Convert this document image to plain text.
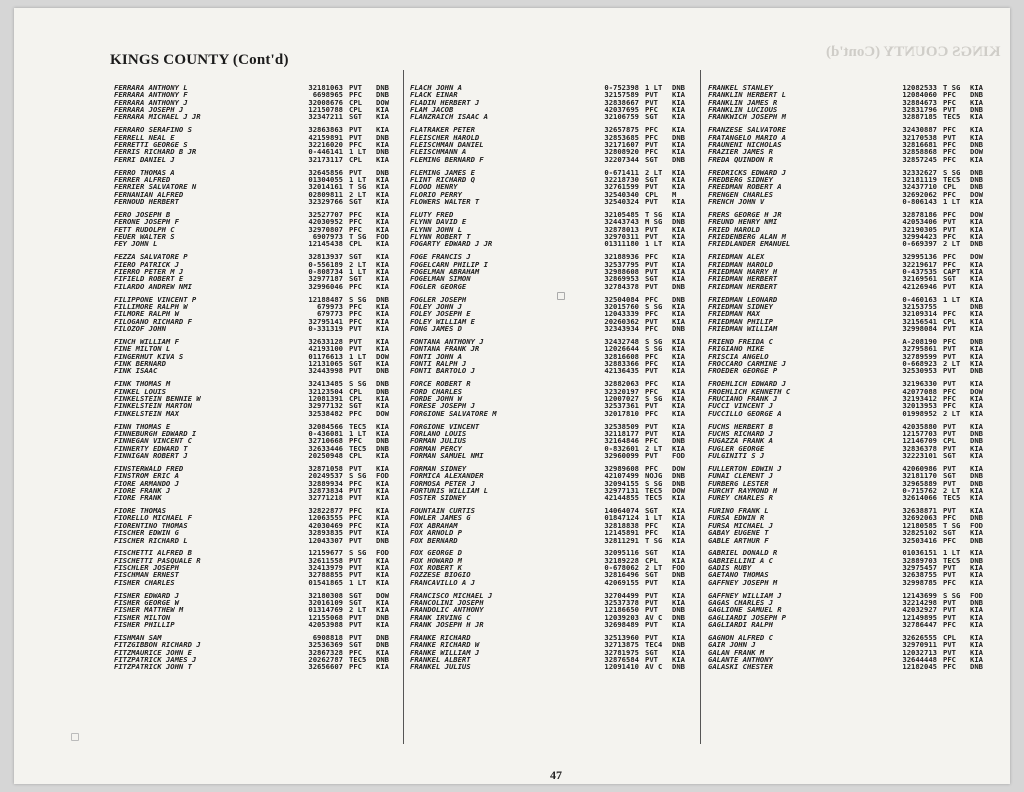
KINGS COUNTY (Cont'd)
KINGS COUNTY (Cont'd)
FERRARA ANTHONY L	32181063 PVT	DNB
FERRARA ANTHONY F	6698965 PFC	DNB
FERRARA ANTHONY J	32008676 CPL	DOW
FERRARA JOSEPH J	12150788 CPL	KIA
FERRARA MICHAEL J JR	32347211 SGT	KIA
FERRARO SERAFINO S	32863863 PVT	KIA
FERRELL NEAL E	42159891 PVT	DNB
FERRETTI GEORGE S	32216020 PFC	KIA
FERRIS RICHARD B JR	0-446141 1 LT	DNB
FERRI DANIEL J	32173117 CPL	KIA
FERRO THOMAS A	32645856 PVT	DNB
FERRER ALFRED	01304055 1 LT	KIA
FERRIER SALVATORE N	32014161 T SG	KIA
FERNANIAN ALFRED	02809811 2 LT	KIA
FERNOUD HERBERT	32329766 SGT	KIA
FERO JOSEPH B	32527707 PFC	KIA
FERONE JOSEPH F	42030952 PFC	KIA
FETT RUDOLPH C	32970807 PFC	KIA
FEUER WALTER S	6907973 T SG	FOD
FEY JOHN L	12145438 CPL	KIA
FEZZA SALVATORE P	32813937 SGT	KIA
FIERO PATRICK J	0-556189 2 LT	KIA
FIERRO PETER M J	0-808734 1 LT	KIA
FIFIELD ROBERT E	32977187 SGT	KIA
FILARDO ANDREW NMI	32996046 PFC	KIA
FILIPPONE VINCENT P	12188487 S SG	DNB
FILLIMORE RALPH W	679973 PFC	KIA
FILMORE RALPH W	679773 PFC	KIA
FILOGANO RICHARD F	32795141 PFC	KIA
FILOZOF JOHN	0-331319 PVT	KIA
FINCH WILLIAM F	32633128 PVT	KIA
FINE MILTON L	42193100 PVT	KIA
FINGERHUT KIVA S	01176613 1 LT	DOW
FINK BERNARD	12131065 SGT	KIA
FINK ISAAC	32443998 PVT	DNB
FINK THOMAS M	32413485 S SG	DNB
FINKEL LOUIS	32123504 CPL	DNB
FINKELSTEIN BENNIE W	12081391 CPL	KIA
FINKELSTEIN MARTON	32977132 SGT	KIA
FINKELSTEIN MAX	32538482 PFC	DOW
FINN THOMAS E	32084566 TEC5	KIA
FINNEBURGH EDWARD I	0-436081 1 LT	KIA
FINNEGAN VINCENT C	32710668 PFC	DNB
FINNERTY EDWARD T	32633446 TEC5	DNB
FINNIGAN ROBERT J	20250948 CPL	KIA
FINSTERWALD FRED	32871058 PVT	KIA
FINSTROM ERIC A	20249537 S SG	FOD
FIORE ARMANDO J	32889934 PFC	KIA
FIORE FRANK J	32873834 PVT	KIA
FIORE FRANK	32771218 PVT	KIA
FIORE THOMAS	32822877 PFC	KIA
FIORELLO MICHAEL F	12063555 PFC	KIA
FIORENTINO THOMAS	42030469 PFC	KIA
FISCHER EDWIN G	32893835 PVT	KIA
FISCHER RICHARD L	12043307 PVT	DNB
FISCHETTI ALFRED B	12159677 S SG	FOD
FISCHETTI PASQUALE R	32611558 PVT	KIA
FISCHLER JOSEPH	32413979 PVT	KIA
FISCHMAN ERNEST	32788855 PVT	KIA
FISHER CHARLES	01541865 1 LT	KIA
FISHER EDWARD J	32180308 SGT	DOW
FISHER GEORGE W	32016109 SGT	KIA
FISHER MATTHEW M	01314769 2 LT	KIA
FISHER MILTON	12155068 PVT	DNB
FISHER PHILLIP	42053988 PVT	KIA
FISHMAN SAM	6908818 PVT	DNB
FITZGIBBON RICHARD J	32536369 SGT	DNB
FITZMAURICE JOHN E	32867328 PFC	KIA
FITZPATRICK JAMES J	20262787 TEC5	DNB
FITZPATRICK JOHN T	32656607 PFC	KIA
FLACH JOHN A	0-752398 1 LT	DNB
FLACK EINAR	32157589 PVT	KIA
FLADIN HERBERT J	32838667 PVT	KIA
FLAM JACOB	42037695 PFC	KIA
FLANZRAICH ISAAC A	32106759 SGT	KIA
FLATRAKER PETER	32657875 PFC	KIA
FLEISCHER HAROLD	32853685 PFC	DNB
FLEISCHMAN DANIEL	32171607 PVT	KIA
FLEISCHMANN A	32808920 PFC	KIA
FLEMING BERNARD F	32207344 SGT	DNB
FLEMING JAMES E	0-671411 2 LT	KIA
FLINT RICHARD Q	32218730 SGT	KIA
FLOOD HENRY	32761599 PVT	KIA
FLORIO PERRY	32540340 CPL	M
FLOWERS WALTER T	32540324 PVT	KIA
FLUTY FRED	32105485 T SG	KIA
FLYNN DAVID E	32443743 M SG	DNB
FLYNN JOHN L	32878013 PVT	KIA
FLYNN ROBERT T	32970311 PVT	KIA
FOGARTY EDWARD J JR	01311180 1 LT	KIA
FOGE FRANCIS J	32188936 PFC	KIA
FOGELCARN PHILIP I	32537795 PVT	KIA
FOGELMAN ABRAHAM	32988608 PVT	KIA
FOGELMAN SIMON	32869953 SGT	KIA
FOGLER GEORGE	32784378 PVT	DNB
FOGLER JOSEPH	32504084 PFC	DNB
FOLEY JOHN J	32015760 S SG	KIA
FOLEY JOSEPH E	12043339 PFC	KIA
FOLEY WILLIAM E	20260362 PVT	KIA
FONG JAMES D	32343934 PFC	DNB
FONTANA ANTHONY J	32432748 S SG	KIA
FONTANA FRANK JR	12026644 S SG	KIA
FONTI JOHN A	32816608 PFC	KIA
FONTI RALPH J	32883366 PFC	KIA
FONTI BARTOLO J	42136435 PVT	KIA
FORCE ROBERT R	32882063 PFC	KIA
FORD CHARLES	32320197 PFC	KIA
FORDE JOHN W	12007027 S SG	KIA
FORESE JOSEPH J	32537361 PVT	KIA
FORGIONE SALVATORE M	32017810 PFC	KIA
FORGIONE VINCENT	32538509 PVT	KIA
FORLANO LOUIS	32118177 PVT	KIA
FORMAN JULIUS	32164846 PFC	DNB
FORMAN PERCY	0-832601 2 LT	KIA
FORMAN SAMUEL NMI	32960099 PVT	FOD
FORMAN SIDNEY	32989608 PFC	DOW
FORMICA ALEXANDER	42107499 NOJG	DNB
FORMOSA PETER J	32094155 S SG	DNB
FORTUNIS WILLIAM L	32977131 TEC5	DOW
FOSTER SIDNEY	42144855 TEC5	KIA
FOUNTAIN CURTIS	14064074 SGT	KIA
FOWLER JAMES G	01847124 1 LT	KIA
FOX ABRAHAM	32818838 PFC	KIA
FOX ARNOLD P	12145891 PFC	KIA
FOX BERNARD	32811291 T SG	KIA
FOX GEORGE D	32095116 SGT	KIA
FOX HOWARD M	32189228 CPL	KIA
FOX ROBERT K	0-678062 2 LT	FOD
FOZZESE BIOGIO	32816496 SGT	DNB
FRANCAVILLO A J	42069155 PVT	KIA
FRANCISCO MICHAEL J	32704499 PVT	KIA
FRANCOLINI JOSEPH	32537378 PVT	KIA
FRANDOLIC ANTHONY	12186650 PVT	DNB
FRANK IRVING C	12039203 AV C	DNB
FRANK JOSEPH H JR	32698489 PVT	KIA
FRANKE RICHARD	32513960 PVT	KIA
FRANKE RICHARD W	32713875 TEC4	DNB
FRANKE WILLIAM J	32781975 SGT	KIA
FRANKEL ALBERT	32876584 PVT	KIA
FRANKEL JULIUS	12091410 AV C	DNB
FRANKEL STANLEY	12082533 T SG	KIA
FRANKLIN HERBERT L	12084060 PFC	DNB
FRANKLIN JAMES R	32884673 PFC	KIA
FRANKLIN LUCIOUS	32831796 PVT	DNB
FRANKWICH JOSEPH M	32887185 TEC5	KIA
FRANZESE SALVATORE	32430887 PFC	KIA
FRATANGELO MARIO A	32170538 PVT	KIA
FRAUNENI NICHOLAS	32816681 PFC	DNB
FRAZIER JAMES R	32858868 PFC	DOW
FREDA QUINDON R	32857245 PFC	KIA
FREDRICKS EDWARD J	32332627 S SG	DNB
FREDBERG SIDNEY	32181119 TEC5	DNB
FREEDMAN ROBERT A	32437710 CPL	DNB
FRENGEN CHARLES	32692062 PFC	DOW
FRENCH JOHN V	0-806143 1 LT	KIA
FRERS GEORGE H JR	32878186 PFC	DOW
FREUND HENRY NMI	42053406 PVT	KIA
FRIED HAROLD	32190305 PVT	KIA
FRIEDENBERG ALAN M	32994423 PFC	KIA
FRIEDLANDER EMANUEL	0-669397 2 LT	DNB
FRIEDMAN ALEX	32995136 PFC	DOW
FRIEDMAN HAROLD	32219617 PFC	KIA
FRIEDMAN HARRY H	0-437535 CAPT	KIA
FRIEDMAN HERBERT	32169561 SGT	KIA
FRIEDMAN HERBERT	42126946 PVT	KIA
FRIEDMAN LEONARD	0-460163 1 LT	KIA
FRIEDMAN SIDNEY	32153755	DNB
FRIEDMAN MAX	32109314 PFC	KIA
FRIEDMAN PHILIP	32156541 CPL	KIA
FRIEDMAN WILLIAM	32998084 PVT	KIA
FRIEND FREIDA C	A-208190 PFC	DNB
FRIGIANO MIKE	32795861 PVT	KIA
FRISCIA ANGELO	32789599 PVT	KIA
FROCCARO CARMINE J	0-668923 2 LT	KIA
FROEDER GEORGE P	32530953 PVT	DNB
FROEHLICH EDWARD J	32196330 PVT	KIA
FROEHLICH KENNETH C	42077088 PFC	DOW
FRUCIANO FRANK J	32193412 PFC	KIA
FUCCI VINCENT J	32013953 PFC	KIA
FUCCILLO GEORGE A	01998952 2 LT	KIA
FUCHS HERBERT B	42035880 PVT	KIA
FUCHS RICHARD J	12157703 PVT	DNB
FUGAZZA FRANK A	12146709 CPL	DNB
FUGLER GEORGE	32836378 PVT	KIA
FULGINITI S J	32223101 SGT	KIA
FULLERTON EDWIN J	42060986 PVT	KIA
FUNAI CLEMENT J	32181170 SGT	DNB
FURBERG LESTER	32965889 PVT	DNB
FURCHT RAYMOND H	0-715762 2 LT	KIA
FUREY CHARLES R	32614066 TEC5	KIA
FURINO FRANK L	32638871 PVT	KIA
FURSA EDWIN R	32692063 PFC	DNB
FURSA MICHAEL J	12180585 T SG	FOD
GABAY EUGENE T	32825102 SGT	KIA
GABLE ARTHUR F	32503416 PFC	DNB
GABRIEL DONALD R	01036151 1 LT	KIA
GABRIELLINI A C	32889703 TEC5	DNB
GADIS RUBY	32975457 PVT	KIA
GAETANO THOMAS	32638755 PVT	KIA
GAFFNEY JOSEPH M	32998785 PFC	KIA
GAFFNEY WILLIAM J	12143699 S SG	FOD
GAGAS CHARLES J	32214298 PVT	DNB
GAGLIONE SAMUEL R	42032927 PVT	KIA
GAGLIARDI JOSEPH P	12149895 PVT	KIA
GAGLIARDI RALPH	32786447 PFC	KIA
GAGNON ALFRED C	32626555 CPL	KIA
GAIR JOHN J	32970911 PVT	KIA
GALAN FRANK M	12032713 PVT	KIA
GALANTE ANTHONY	32644448 PFC	KIA
GALASKI CHESTER	12182045 PFC	DNB
47
